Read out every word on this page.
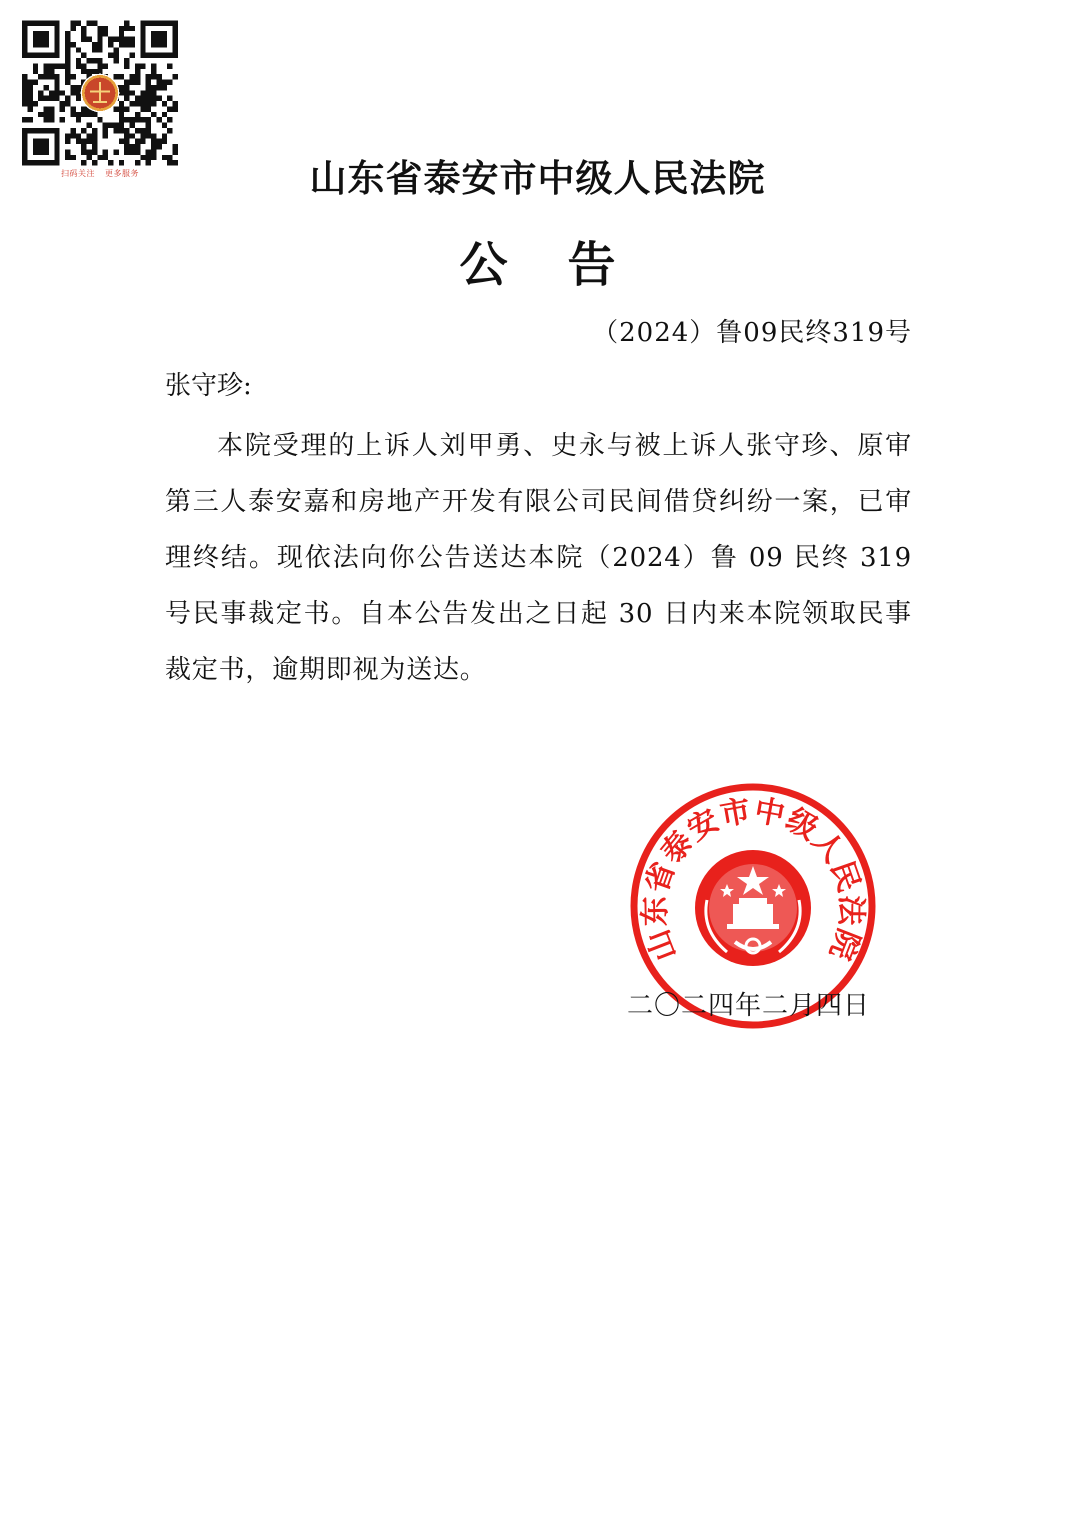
扫码关注 更多服务	山东省泰安市中级人民法院
公告
（2024）鲁09民终319号

张守珍:

本院受理的上诉人刘甲勇、史永与被上诉人张守珍、原审第三人泰安嘉和房地产开发有限公司民间借贷纠纷一案，已审理终结。现依法向你公告送达本院（2024）鲁 09 民终 319 号民事裁定书。自本公告发出之日起 30 日内来本院领取民事裁定书，逾期即视为送达。

山东省泰安市中级人民法院
二〇二四年二月四日
